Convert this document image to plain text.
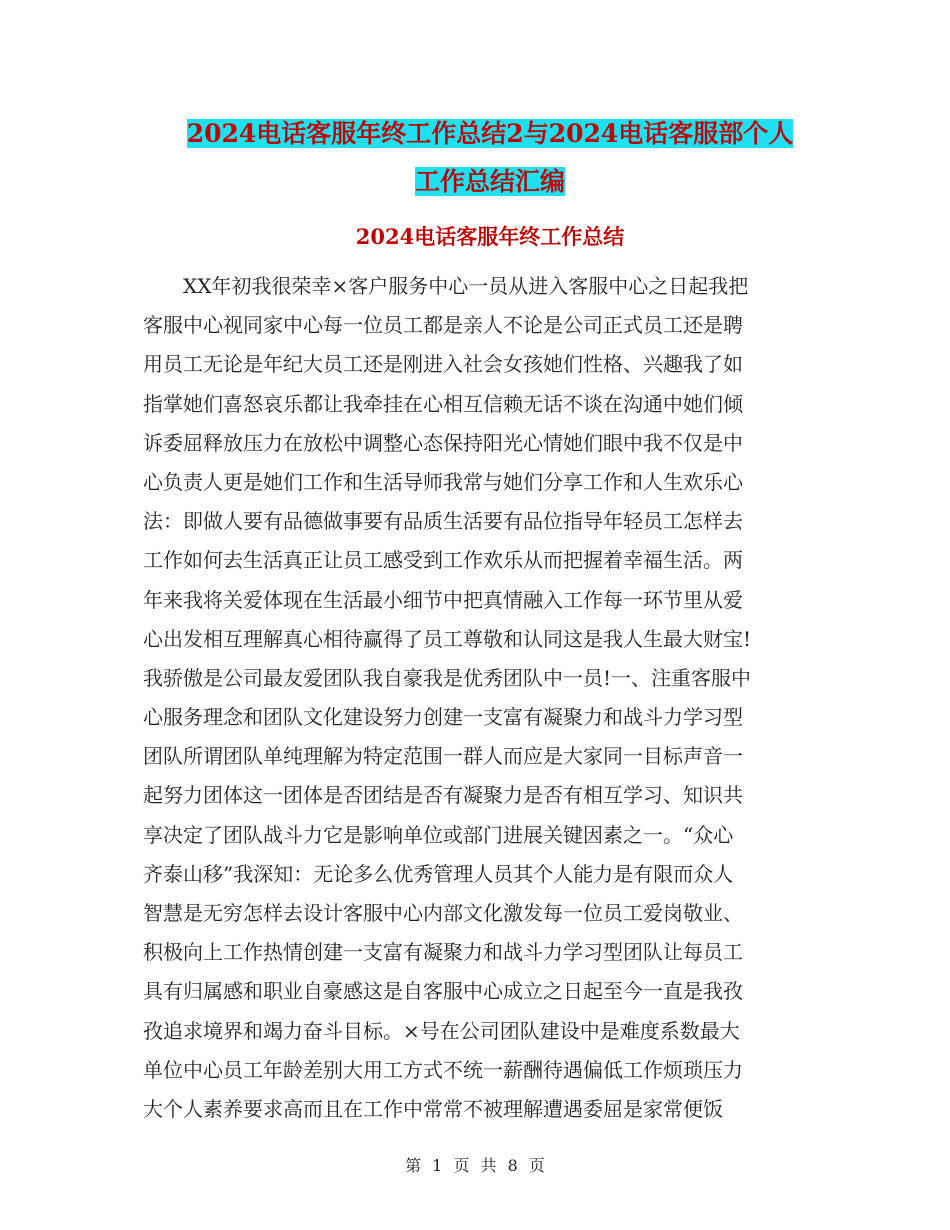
2024电话客服年终工作总结2与2024电话客服部个人
工作总结汇编
2024电话客服年终工作总结
　　XX年初我很荣幸×客户服务中心一员从进入客服中心之日起我把
客服中心视同家中心每一位员工都是亲人不论是公司正式员工还是聘
用员工无论是年纪大员工还是刚进入社会女孩她们性格、兴趣我了如
指掌她们喜怒哀乐都让我牵挂在心相互信赖无话不谈在沟通中她们倾
诉委屈释放压力在放松中调整心态保持阳光心情她们眼中我不仅是中
心负责人更是她们工作和生活导师我常与她们分享工作和人生欢乐心
法：即做人要有品德做事要有品质生活要有品位指导年轻员工怎样去
工作如何去生活真正让员工感受到工作欢乐从而把握着幸福生活。两
年来我将关爱体现在生活最小细节中把真情融入工作每一环节里从爱
心出发相互理解真心相待赢得了员工尊敬和认同这是我人生最大财宝!
我骄傲是公司最友爱团队我自豪我是优秀团队中一员!一、注重客服中
心服务理念和团队文化建设努力创建一支富有凝聚力和战斗力学习型
团队所谓团队单纯理解为特定范围一群人而应是大家同一目标声音一
起努力团体这一团体是否团结是否有凝聚力是否有相互学习、知识共
享决定了团队战斗力它是影响单位或部门进展关键因素之一。“众心
齐泰山移”我深知：无论多么优秀管理人员其个人能力是有限而众人
智慧是无穷怎样去设计客服中心内部文化激发每一位员工爱岗敬业、
积极向上工作热情创建一支富有凝聚力和战斗力学习型团队让每员工
具有归属感和职业自豪感这是自客服中心成立之日起至今一直是我孜
孜追求境界和竭力奋斗目标。×号在公司团队建设中是难度系数最大
单位中心员工年龄差别大用工方式不统一薪酬待遇偏低工作烦琐压力
大个人素养要求高而且在工作中常常不被理解遭遇委屈是家常便饭
第 1 页 共 8 页
